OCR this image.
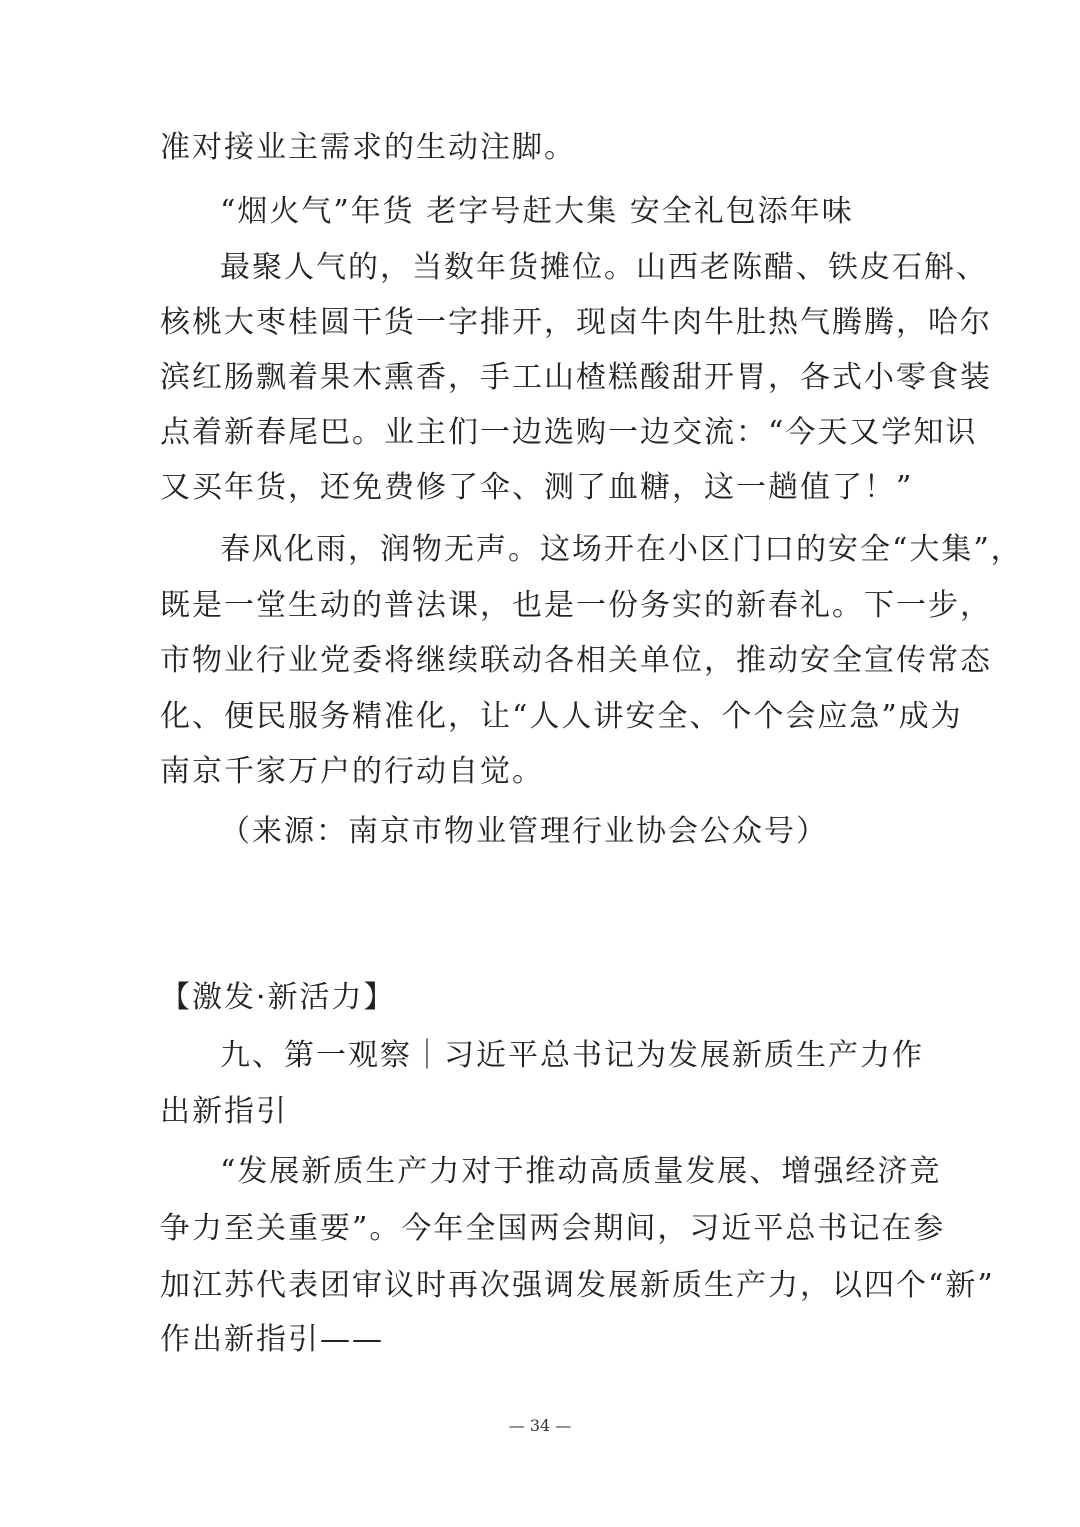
准对接业主需求的生动注脚。
“烟火气”年货 老字号赶大集 安全礼包添年味
最聚人气的，当数年货摊位。山西老陈醋、铁皮石斛、
核桃大枣桂圆干货一字排开，现卤牛肉牛肚热气腾腾，哈尔
滨红肠飘着果木熏香，手工山楂糕酸甜开胃，各式小零食装
点着新春尾巴。业主们一边选购一边交流：“今天又学知识
又买年货，还免费修了伞、测了血糖，这一趟值了！”
春风化雨，润物无声。这场开在小区门口的安全“大集”，
既是一堂生动的普法课，也是一份务实的新春礼。下一步，
市物业行业党委将继续联动各相关单位，推动安全宣传常态
化、便民服务精准化，让“人人讲安全、个个会应急”成为
南京千家万户的行动自觉。
（来源：南京市物业管理行业协会公众号）
【激发·新活力】
九、第一观察｜习近平总书记为发展新质生产力作
出新指引
“发展新质生产力对于推动高质量发展、增强经济竞
争力至关重要”。今年全国两会期间，习近平总书记在参
加江苏代表团审议时再次强调发展新质生产力，以四个“新”
作出新指引——
— 34 —
